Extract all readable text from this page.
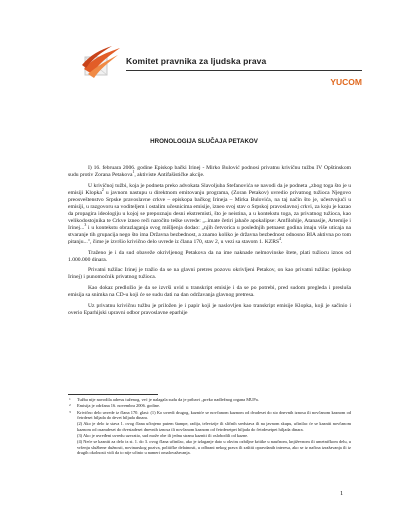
Komitet pravnika za ljudska prava
YUCOM
HRONOLOGIJA SLUČAJA PETAKOV

I) 16. februara 2006. godine Episkop bački Irinej - Mirko Bulović podnosi privatnu krivičnu tužbu IV Opštinskom sudu protiv Zorana Petakova$^1$, aktiviste Antifašističke akcije.

U krivičnoj tužbi, koja je podneta preko advokata Slavoljuba Stefanovića se navodi da je podneta „zbog toga što je u emisiji Klopka$^2$ u javnom nastupu u direktnom emitovanju programa, (Zoran Petakov) uvredio privatnog tužioca Njegovo preosveštenstvo Srpske pravoslavne crkve – episkopa bačkog Irineja – Mirka Bulovića, na taj način što je, učestvujući u emisiji, u razgovoru sa voditeljem i ostalim učesnicima emisije, izneo svoj stav o Srpskoj pravoslavnoj crkvi, za koju je kazao da propagira ideologiju u kojoj se prepoznaju desni ekstremisti, što je neistina, a u kontekstu toga, za privatnog tužioca, kao velikodostojnika te Crkve izneo reči naročito teške uvrede: „..imate četiri jahače apokalipse: Amfilohije, Atanasije, Artemije i Irinej...$^3$ i u kontekstu obrazlaganja svog mišljenja dodao: „njih četvorica u poslednjih petnaest godina imaju više uticaja na stvaranje tih grupacija nego što ima Državna bezbednost, a znamo koliko je državna bezbednost odnosno BIA aktivna po tom pitanju...", čime je izvršio krivično delo uvrede iz člana 170, stav 2, u vezi sa stavom 1. KZRS$^4$.

Traženo je i da sud obaveže okrivljenog Petakova da na ime naknade nelmovinske štete, plati tužiocu iznos od 1.000.000 dinara.

Privatni tužilac Irinej je tražio da se na glavni pretres pozovu okrivljeni Petakov, on kao privatni tužilac (episkop Irinej) i punomoćnik privatnog tužioca.

Kao dokaz predložio je da se izvrši uvid u transkript emisije i da se po potrebi, pred sudom pregleda i preslušа emisija sa snimka na CD-u koji će se sudu dati na dan održavanja glavnog pretresa.

Uz privatnu krivičnu tužbu je priložen je i papir koji je naslovljen kao transkript emisije Klopka, koji je sačinio i overio Eparhijski upravni odbor pravoslavne eparhije

1 Tužba nije navodila adresu tuženog, već je nalagala sudu da je pribavi „preko nadležnog organa MUPa.
2 Emisija je održana 16. novembra 2006. godine.
3 Krivično delo uvrede iz člana 170. glasi: (1) Ko uvredi drugog, kazniće se novčanom kaznom od dvadeset do sto dnevnih iznosa ili novčanom kaznom od četrdeset hiljada do devet hiljada dinara.
(2) Ako je delo iz stava 1. ovog člana učinjeno putem štampe, radija, televizije ili sličnih sredstava ili na javnom skupu, učinilac će se kazniti novčanom kaznom od osamdeset do dvestadeset dnevnih iznosa ili novčanom kaznom od četrdesetpet hiljada do četrdesetpet hiljada dinara.
(3) Ako je uvređeni uvredu uzvratio, sud može obe ili jednu stranu kazniti ili oslobodili od kazne.
(4) Neće se kazniti za delo iz st. 1. do 3. ovog člana učinilac, ako je izlaganje dato u okviru ozbiljne kritike u naučnom, književnom ili umetničkom delu, u vršenju službene dužnosti, novinarskog poziva, političke delatnosti, u odbrani nekog prava ili zaštiti opravdanih interesa, ako se iz načina izražavanja ili iz drugih okolnosti vidi da to nije učinio u nameri omalovažavanja.
1
